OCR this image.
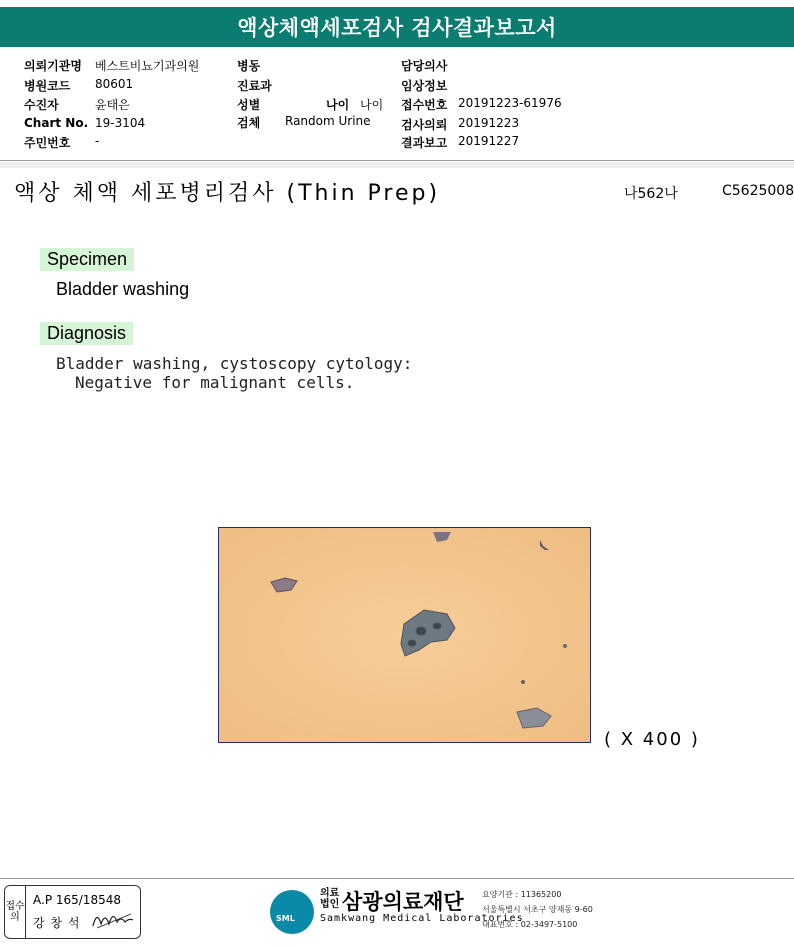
액상체액세포검사 검사결과보고서
의뢰기관명 베스트비뇨기과의원
병원코드 80601
수진자	윤태은
Chart No. 19-3104
주민번호 -
병동
진료과
성별	나이 나이
검체 Random Urine
담당의사
임상정보
접수번호 20191223-61976
검사의뢰 20191223
결과보고 20191227
액상 체액 세포병리검사 (Thin Prep)	나562나	C5625008
Specimen
Bladder washing
Diagnosis
Bladder washing, cystoscopy cytology:
Negative for malignant cells.
( X 400 )
접수의
A.P 165/18548
강 창 석	SML
의료
법인 삼광의료재단
Samkwang Medical Laboratories
요양기관 : 11365200
서울특별시 서초구 양재동 9-60
대표번호 : 02-3497-5100
